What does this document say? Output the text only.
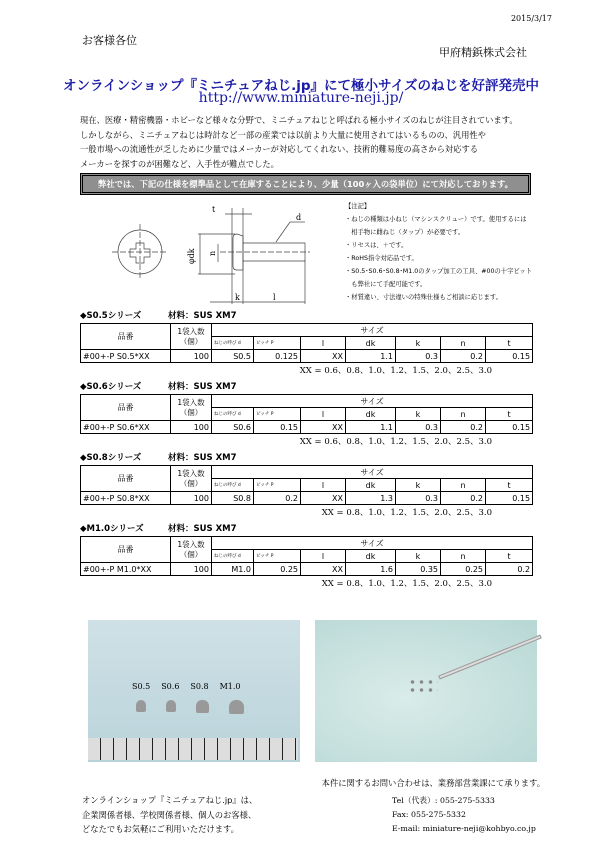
2015/3/17
お客様各位
甲府精鋲株式会社
オンラインショップ『ミニチュアねじ.jp』にて極小サイズのねじを好評発売中
http://www.miniature-neji.jp/
現在、医療・精密機器・ホビーなど様々な分野で、ミニチュアねじと呼ばれる極小サイズのねじが注目されています。
しかしながら、ミニチュアねじは時計など一部の産業では以前より大量に使用されてはいるものの、汎用性や
一般市場への流通性が乏しために少量ではメーカーが対応してくれない、技術的難易度の高さから対応する
メーカーを探すのが困難など、入手性が難点でした。
弊社では、下記の仕様を標準品として在庫することにより、少量（100ヶ入の袋単位）にて対応しております。
t
d
φdk n
k	l
【注記】
・ねじの種類は小ねじ（マシンスクリュー）です。使用するには
　相手物に雌ねじ（タップ）が必要です。
・リセスは、＋です。
・RoHS指令対応品です。
・S0.5･S0.6･S0.8･M1.0のタップ加工の工具、#00の十字ビット
　も弊社にて手配可能です。
・材質違い、寸法違いの特殊仕様もご相談に応じます。
◆S0.5シリーズ	材料：SUS XM7
品番	1袋入数（個）	サイズ						
		ねじの呼び d	ピッチ P	l	dk	k	n	t
#00+-P S0.5*XX	100	S0.5	0.125	XX	1.1	0.3	0.2	0.15
XX = 0.6、0.8、1.0、1.2、1.5、2.0、2.5、3.0
◆S0.6シリーズ	材料：SUS XM7
品番	1袋入数（個）	サイズ						
		ねじの呼び d	ピッチ P	l	dk	k	n	t
#00+-P S0.6*XX	100	S0.6	0.15	XX	1.1	0.3	0.2	0.15
XX = 0.6、0.8、1.0、1.2、1.5、2.0、2.5、3.0
◆S0.8シリーズ	材料：SUS XM7
品番	1袋入数（個）	サイズ						
		ねじの呼び d	ピッチ P	l	dk	k	n	t
#00+-P S0.8*XX	100	S0.8	0.2	XX	1.3	0.3	0.2	0.15
XX = 0.8、1.0、1.2、1.5、2.0、2.5、3.0
◆M1.0シリーズ	材料：SUS XM7
品番	1袋入数（個）	サイズ						
		ねじの呼び d	ピッチ P	l	dk	k	n	t
#00+-P M1.0*XX	100	M1.0	0.25	XX	1.6	0.35	0.25	0.2
XX = 0.8、1.0、1.2、1.5、2.0、2.5、3.0
S0.5 S0.6 S0.8 M1.0
本件に関するお問い合わせは、業務部営業課にて承ります。
オンラインショップ『ミニチュアねじ.jp』は、
企業関係者様、学校関係者様、個人のお客様、
どなたでもお気軽にご利用いただけます。
Tel（代表）: 055-275-5333
Fax: 055-275-5332
E-mail: miniature-neji@kohbyo.co.jp
